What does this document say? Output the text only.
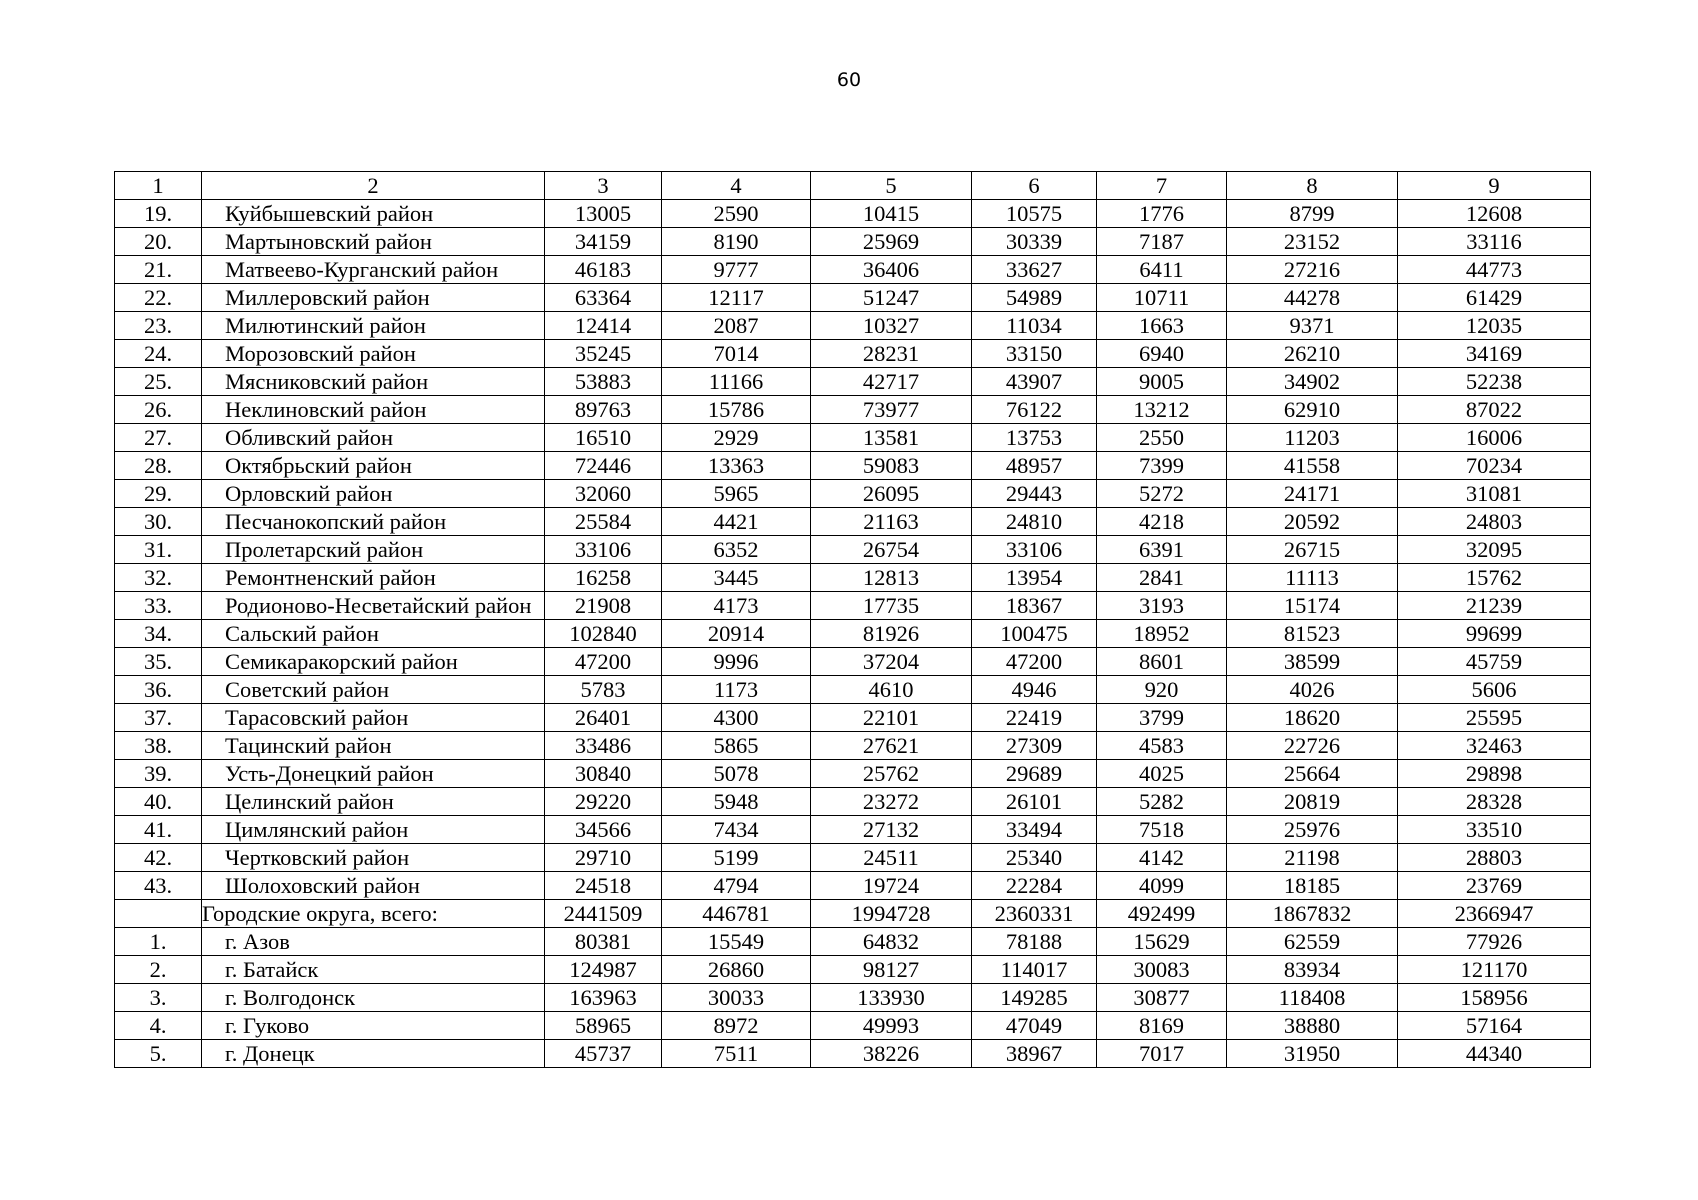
60
1	2	3	4	5	6	7	8	9
19.	Куйбышевский район	13005	2590	10415	10575	1776	8799	12608
20.	Мартыновский район	34159	8190	25969	30339	7187	23152	33116
21.	Матвеево-Курганский район	46183	9777	36406	33627	6411	27216	44773
22.	Миллеровский район	63364	12117	51247	54989	10711	44278	61429
23.	Милютинский район	12414	2087	10327	11034	1663	9371	12035
24.	Морозовский район	35245	7014	28231	33150	6940	26210	34169
25.	Мясниковский район	53883	11166	42717	43907	9005	34902	52238
26.	Неклиновский район	89763	15786	73977	76122	13212	62910	87022
27.	Обливский район	16510	2929	13581	13753	2550	11203	16006
28.	Октябрьский район	72446	13363	59083	48957	7399	41558	70234
29.	Орловский район	32060	5965	26095	29443	5272	24171	31081
30.	Песчанокопский район	25584	4421	21163	24810	4218	20592	24803
31.	Пролетарский район	33106	6352	26754	33106	6391	26715	32095
32.	Ремонтненский район	16258	3445	12813	13954	2841	11113	15762
33.	Родионово-Несветайский район	21908	4173	17735	18367	3193	15174	21239
34.	Сальский район	102840	20914	81926	100475	18952	81523	99699
35.	Семикаракорский район	47200	9996	37204	47200	8601	38599	45759
36.	Советский район	5783	1173	4610	4946	920	4026	5606
37.	Тарасовский район	26401	4300	22101	22419	3799	18620	25595
38.	Тацинский район	33486	5865	27621	27309	4583	22726	32463
39.	Усть-Донецкий район	30840	5078	25762	29689	4025	25664	29898
40.	Целинский район	29220	5948	23272	26101	5282	20819	28328
41.	Цимлянский район	34566	7434	27132	33494	7518	25976	33510
42.	Чертковский район	29710	5199	24511	25340	4142	21198	28803
43.	Шолоховский район	24518	4794	19724	22284	4099	18185	23769
	Городские округа, всего:	2441509	446781	1994728	2360331	492499	1867832	2366947
1.	г. Азов	80381	15549	64832	78188	15629	62559	77926
2.	г. Батайск	124987	26860	98127	114017	30083	83934	121170
3.	г. Волгодонск	163963	30033	133930	149285	30877	118408	158956
4.	г. Гуково	58965	8972	49993	47049	8169	38880	57164
5.	г. Донецк	45737	7511	38226	38967	7017	31950	44340
